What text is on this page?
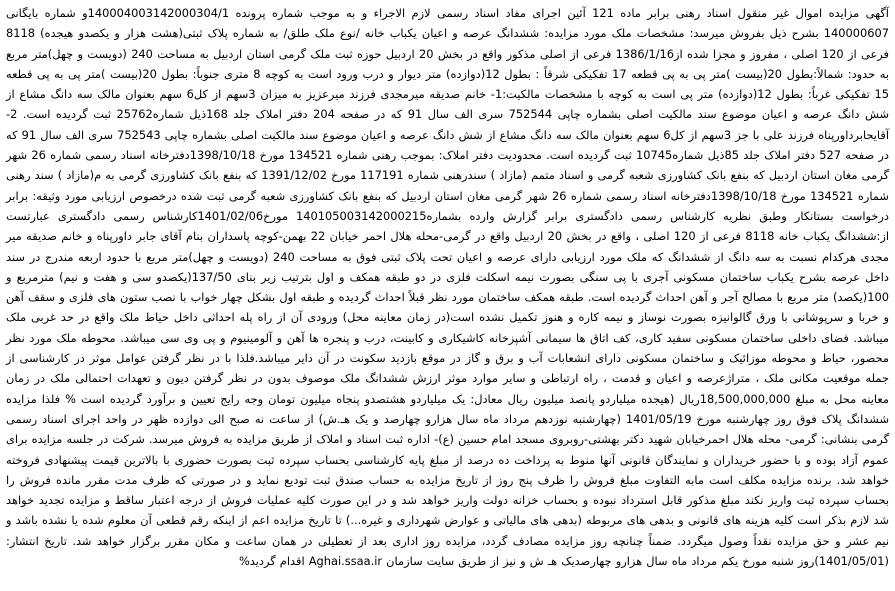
آگهی مزایده اموال غیر منقول اسناد رهنی برابر ماده 121 آئین اجرای مفاد اسناد رسمی لازم الاجراء و به موجب شماره پرونده 140004003142000304/1و شماره بایگانی 140000607 بشرح ذیل بفروش میرسد: مشخصات ملک مورد مزایده: ششدانگ عرصه و اعیان یکباب خانه /نوع ملک طلق/ به شماره پلاک ثبتی(هشت هزار و یکصدو هیجده) 8118 فرعی از 120 اصلی ، مفروز و مجزا شده از1386/1/16 فرعی از اصلی مذکور واقع در بخش 20 اردبیل حوزه ثبت ملک گرمی استان اردبیل به مساحت 240 (دویست و چهل)متر مربع به حدود: شمالاً:بطول 20(بیست )متر پی به پی قطعه 17 تفکیکی شرقاً : بطول 12(دوازده) متر دیوار و درب ورود است به کوچه 8 متری جنوباً: بطول 20(بیست )متر پی به پی قطعه 15 تفکیکی غرباً: بطول 12(دوازده) متر پی است به کوچه با مشخصات مالکیت:1- خانم صدیقه میرمجدی فرزند میرعزیز به میزان 3سهم از کل6 سهم بعنوان مالک سه دانگ مشاع از شش دانگ عرصه و اعیان موضوع سند مالکیت اصلی بشماره چاپی 752544 سری الف سال 91 که در صفحه 204 دفتر املاک جلد 168ذیل شماره25762 ثبت گردیده است. 2- آقایحابرداورپناه فرزند علی با جز 3سهم از کل6 سهم بعنوان مالک سه دانگ مشاع از شش دانگ عرصه و اعیان موضوع سند مالکیت اصلی بشماره چاپی 752543 سری الف سال 91 که در صفحه 527 دفتر املاک جلد 85ذیل شماره10745 ثبت گردیده است. محدودیت دفتر املاک: بموجب رهنی شماره 134521 مورخ 1398/10/18دفترخانه اسناد رسمی شماره 26 شهر گرمی مغان استان اردبیل که بنفع بانک کشاورزی شعبه گرمی و اسناد متمم (مازاد ) سندرهنی شماره 117191 مورخ 1391/12/02 که بنفع بانک کشاورزی گرمی به م(مازاد ) سند رهنی شماره 134521 مورخ 1398/10/18دفترخانه اسناد رسمی شماره 26 شهر گرمی مغان استان اردبیل که بنفع بانک کشاورزی شعبه گرمی ثبت شده درخصوص ارزیابی مورد وثیقه: برابر درخواست بستانکار وطبق نظریه کارشناس رسمی دادگستری برابر گزارش وارده بشماره140105003142000215 مورخ1401/02/06کارشناس رسمی دادگستری عبارتست از:ششدانگ یکباب خانه 8118 فرعی از 120 اصلی ، واقع در بخش 20 اردبیل واقع در گرمی-محله هلال احمر خیابان 22 بهمن-کوچه پاسداران بنام آقای جابر داورپناه و خانم صدیقه میر مجدی هرکدام نسبت به سه دانگ از ششدانگ که ملک مورد ارزیابی دارای عرصه و اعیان تحت پلاک ثبتی فوق به مساحت 240 (دویست و چهل)متر مربع با حدود اربعه مندرج در سند داخل عرصه بشرح یکباب ساختمان مسکونی آجری با پی سنگی بصورت نیمه اسکلت فلزی در دو طبقه همکف و اول بترتیب زیر بنای 137/50(یکصدو سی و هفت و نیم) مترمربع و 100(یکصد) متر مربع با مصالح آجر و آهن احداث گردیده است. طبقه همکف ساختمان مورد نظر قبلاً احداث گردیده و طبقه اول بشکل چهار خواب با نصب ستون های فلزی و سقف آهن و خربا و سرپوشانی با ورق گالوانیزه بصورت نوساز و نیمه کاره و هنوز تکمیل نشده است(در زمان معاینه محل) ورودی آن از راه پله احداثی داخل حیاط ملک واقع در حد غربی ملک میباشد. فضای داخلی ساختمان مسکونی سفید کاری، کف اتاق ها سیمانی آشپزخانه کاشیکاری و کابینت، درب و پنجره ها آهن و آلومینیوم و پی وی سی میباشد. محوطه ملک مورد نظر محصور، حیاط و محوطه موزائیک و ساختمان مسکونی دارای انشعابات آب و برق و گاز در موقع بازدید سکونت در آن دایر میباشد.فلذا با در نظر گرفتن عوامل موثر در کارشناسی از جمله موقعیت مکانی ملک ، متراژعرصه و اعیان و قدمت ، راه ارتباطی و سایر موارد موثر ارزش ششدانگ ملک موصوف بدون در نظر گرفتن دیون و تعهدات احتمالی ملک در زمان معاینه محل به مبلغ 18,500,000,000ریال (هیجده میلیاردو پانصد میلیون ریال معادل: یک میلیاردو هشتصدو پنجاه میلیون تومان وجه رایج تعیین و برآورد گردیده است % فلذا مزایده ششدانگ پلاک فوق روز چهارشنبه مورخ 1401/05/19 (چهارشنبه نوزدهم مرداد ماه سال هزارو چهارصد و یک هـ.ش) از ساعت نه صبح الی دوازده ظهر در واحد اجرای اسناد رسمی گرمی بنشانی: گرمی- محله هلال احمرخیابان شهید دکتر بهشتی-روبروی مسجد امام حسین (ع)- اداره ثبت اسناد و املاک از طریق مزایده به فروش میرسد. شرکت در جلسه مزایده برای عموم آزاد بوده و با حضور خریداران و نمایندگان قانونی آنها منوط به پرداخت ده درصد از مبلغ پایه کارشناسی بحساب سپرده ثبت بصورت حضوری با بالاترین قیمت پیشنهادی فروخته خواهد شد. برنده مزایده مکلف است مابه التفاوت مبلغ فروش را ظرف پنج روز از تاریخ مزایده به حساب صندق ثبت تودیع نماید و در صورتی که ظرف مدت مقرر مانده فروش را بحساب سپرده ثبت واریز نکند مبلغ مذکور قابل استرداد نبوده و بحساب خزانه دولت واریز خواهد شد و در این صورت کلیه عملیات فروش از درجه اعتبار ساقط و مزایده تجدید خواهد شد لازم بذکر است کلیه هزینه های قانونی و بدهی های مربوطه (بدهی های مالیاتی و عوارض شهرداری و غیره...) تا تاریخ مزایده اعم از اینکه رقم قطعی آن معلوم شده یا نشده باشد و نیم عشر و حق مزایده نقداً وصول میگردد. ضمناً چنانچه روز مزایده مصادف گردد، مزایده روز اداری بعد از تعطیلی در همان ساعت و مکان مقرر برگزار خواهد شد. تاریخ انتشار:(1401/05/01)روز شنبه مورخ یکم مرداد ماه سال هزارو چهارصدیک هـ ش و نیز از طریق سایت سازمان Aghai.ssaa.ir اقدام گردید%
